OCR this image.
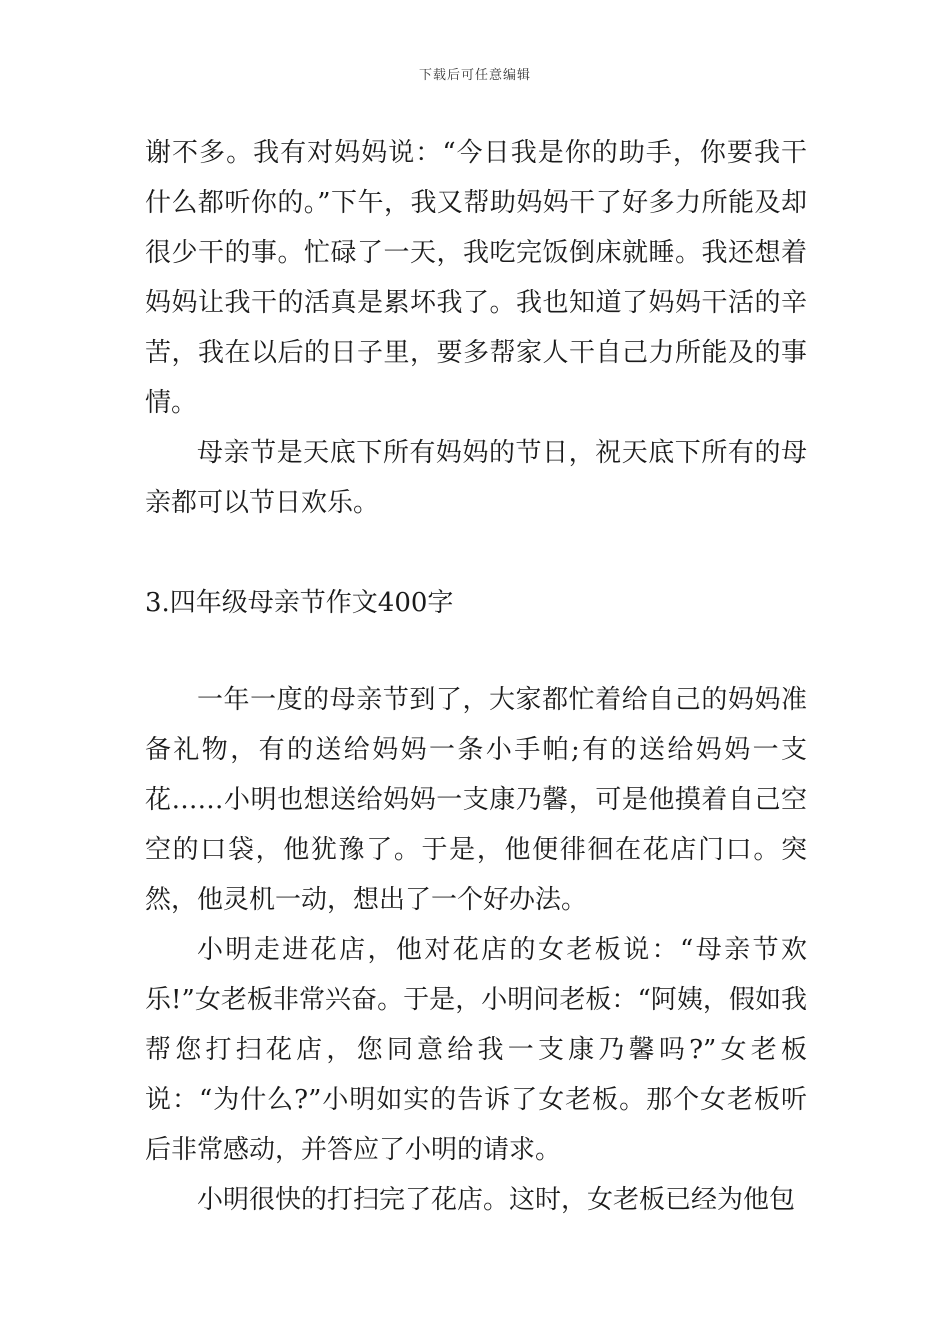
下载后可任意编辑

谢不多。我有对妈妈说：“今日我是你的助手，你要我干什么都听你的。”下午，我又帮助妈妈干了好多力所能及却很少干的事。忙碌了一天，我吃完饭倒床就睡。我还想着妈妈让我干的活真是累坏我了。我也知道了妈妈干活的辛苦，我在以后的日子里，要多帮家人干自己力所能及的事情。

母亲节是天底下所有妈妈的节日，祝天底下所有的母亲都可以节日欢乐。

3.四年级母亲节作文400字

一年一度的母亲节到了，大家都忙着给自己的妈妈准备礼物，有的送给妈妈一条小手帕;有的送给妈妈一支花……小明也想送给妈妈一支康乃馨，可是他摸着自己空空的口袋，他犹豫了。于是，他便徘徊在花店门口。突然，他灵机一动，想出了一个好办法。

小明走进花店，他对花店的女老板说：“母亲节欢乐!”女老板非常兴奋。于是，小明问老板：“阿姨，假如我帮您打扫花店，您同意给我一支康乃馨吗?”女老板说：“为什么?”小明如实的告诉了女老板。那个女老板听后非常感动，并答应了小明的请求。

小明很快的打扫完了花店。这时，女老板已经为他包
